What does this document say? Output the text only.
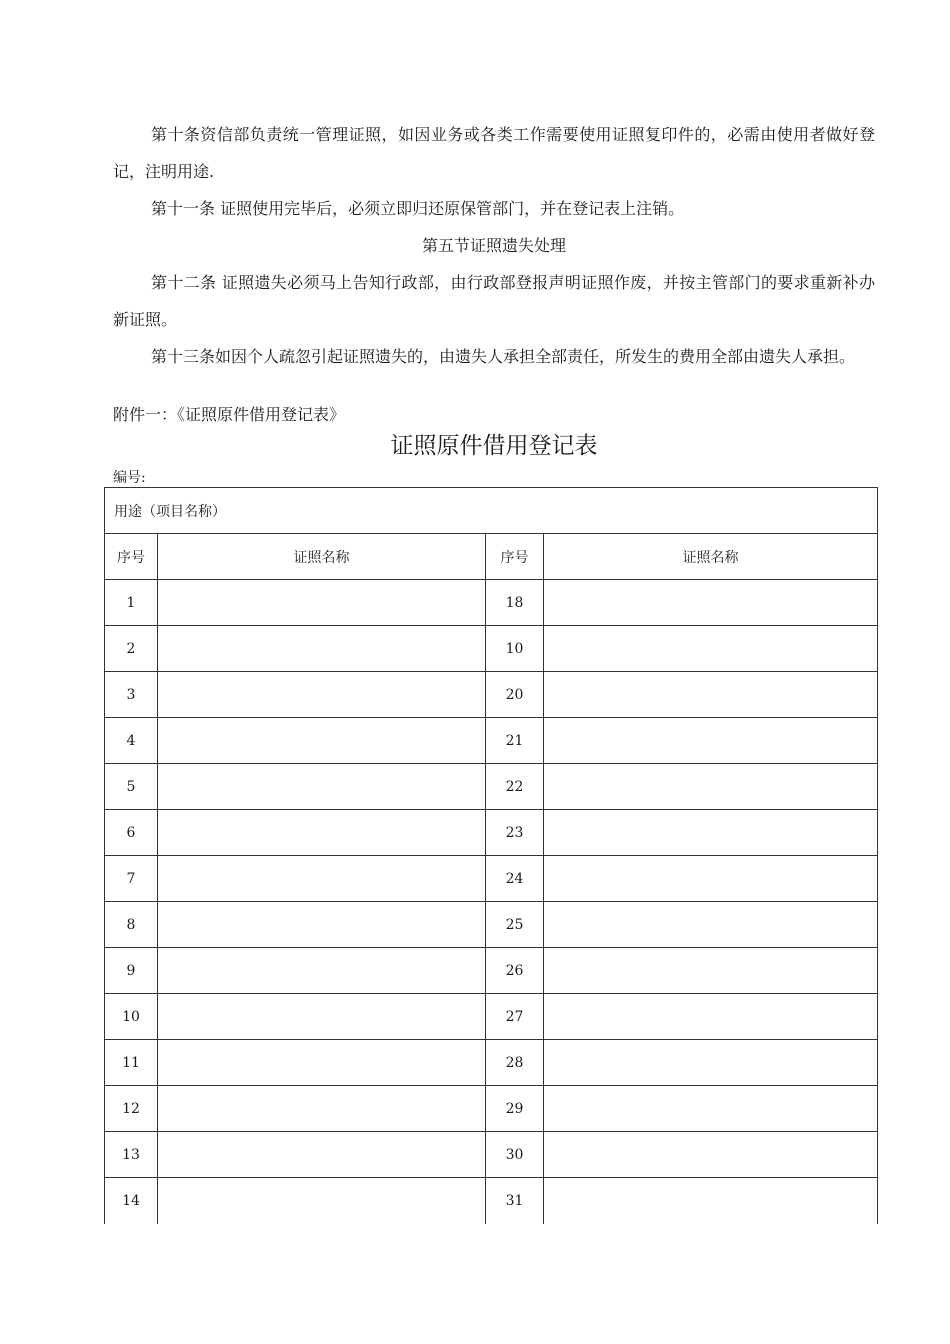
第十条资信部负责统一管理证照，如因业务或各类工作需要使用证照复印件的，必需由使用者做好登记，注明用途.

第十一条 证照使用完毕后，必须立即归还原保管部门，并在登记表上注销。

第五节证照遗失处理

第十二条 证照遗失必须马上告知行政部，由行政部登报声明证照作废，并按主管部门的要求重新补办新证照。

第十三条如因个人疏忽引起证照遗失的，由遗失人承担全部责任，所发生的费用全部由遗失人承担。

附件一：《证照原件借用登记表》

证照原件借用登记表

编号:

用途（项目名称）			
序号	证照名称	序号	证照名称
1		18	
2		10	
3		20	
4		21	
5		22	
6		23	
7		24	
8		25	
9		26	
10		27	
11		28	
12		29	
13		30	
14		31	
